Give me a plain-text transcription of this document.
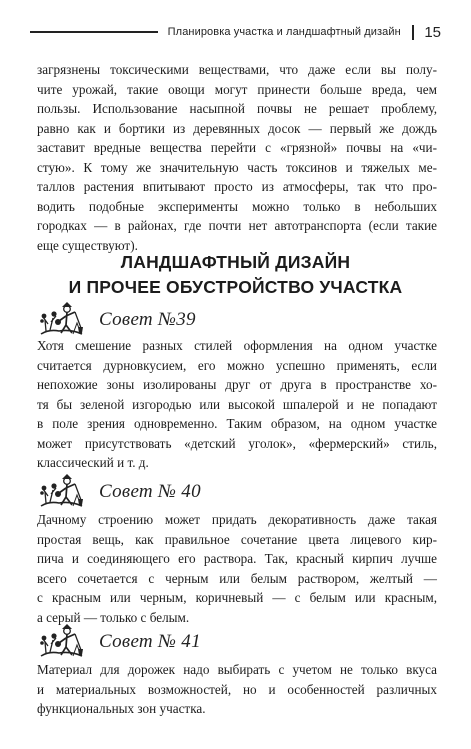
Планировка участка и ландшафтный дизайн 15
загрязнены токсическими веществами, что даже если вы полу-
чите урожай, такие овощи могут принести больше вреда, чем
пользы. Использование насыпной почвы не решает проблему,
равно как и бортики из деревянных досок — первый же дождь
заставит вредные вещества перейти с «грязной» почвы на «чи-
стую». К тому же значительную часть токсинов и тяжелых ме-
таллов растения впитывают просто из атмосферы, так что про-
водить подобные эксперименты можно только в небольших
городках — в районах, где почти нет автотранспорта (если такие
еще существуют).
ЛАНДШАФТНЫЙ ДИЗАЙН
И ПРОЧЕЕ ОБУСТРОЙСТВО УЧАСТКА
Совет №39
Хотя смешение разных стилей оформления на одном участке
считается дурновкусием, его можно успешно применять, если
непохожие зоны изолированы друг от друга в пространстве хо-
тя бы зеленой изгородью или высокой шпалерой и не попадают
в поле зрения одновременно. Таким образом, на одном участке
может присутствовать «детский уголок», «фермерский» стиль,
классический и т. д.
Совет № 40
Дачному строению может придать декоративность даже такая
простая вещь, как правильное сочетание цвета лицевого кир-
пича и соединяющего его раствора. Так, красный кирпич лучше
всего сочетается с черным или белым раствором, желтый —
с красным или черным, коричневый — с белым или красным,
а серый — только с белым.
Совет № 41
Материал для дорожек надо выбирать с учетом не только вкуса
и материальных возможностей, но и особенностей различных
функциональных зон участка.
